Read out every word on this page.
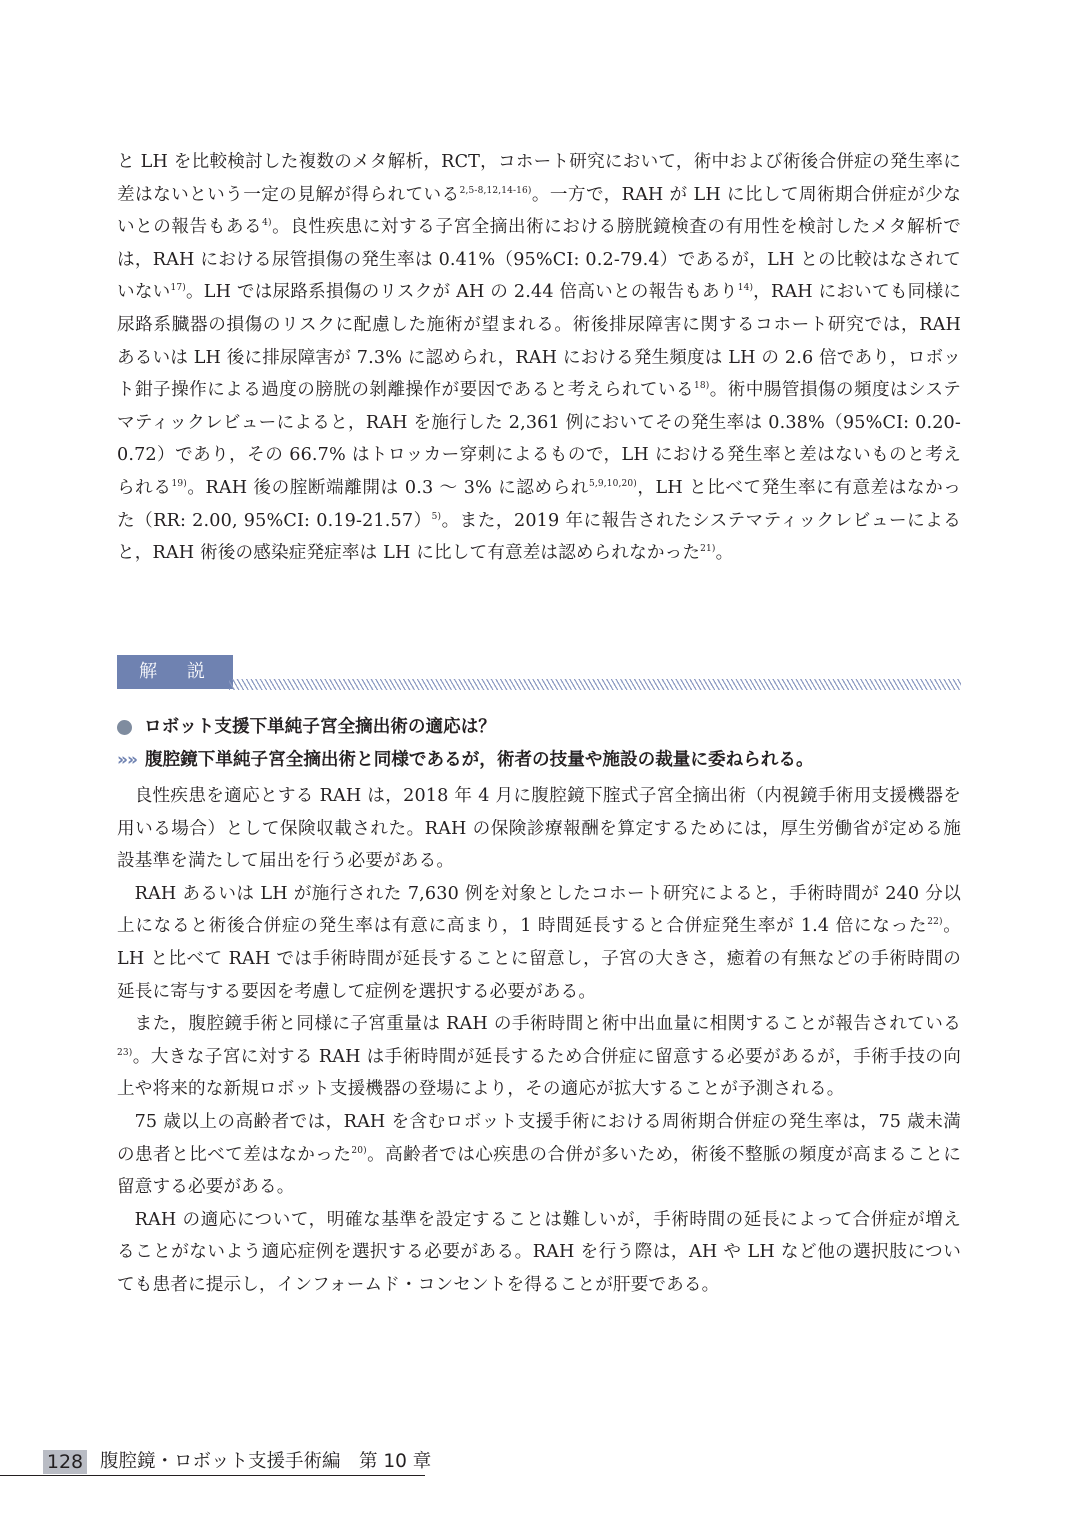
と LH を比較検討した複数のメタ解析，RCT，コホート研究において，術中および術後合併症の発生率に差はないという一定の見解が得られている$^{2,5-8,12,14-16)}$。一方で，RAH が LH に比して周術期合併症が少ないとの報告もある$^{4)}$。良性疾患に対する子宮全摘出術における膀胱鏡検査の有用性を検討したメタ解析では，RAH における尿管損傷の発生率は 0.41%（95%CI: 0.2-79.4）であるが，LH との比較はなされていない$^{17)}$。LH では尿路系損傷のリスクが AH の 2.44 倍高いとの報告もあり$^{14)}$，RAH においても同様に尿路系臓器の損傷のリスクに配慮した施術が望まれる。術後排尿障害に関するコホート研究では，RAH あるいは LH 後に排尿障害が 7.3% に認められ，RAH における発生頻度は LH の 2.6 倍であり，ロボット鉗子操作による過度の膀胱の剝離操作が要因であると考えられている$^{18)}$。術中腸管損傷の頻度はシステマティックレビューによると，RAH を施行した 2,361 例においてその発生率は 0.38%（95%CI: 0.20-0.72）であり，その 66.7% はトロッカー穿刺によるもので，LH における発生率と差はないものと考えられる$^{19)}$。RAH 後の腟断端離開は 0.3 ～ 3% に認められ$^{5,9,10,20)}$，LH と比べて発生率に有意差はなかった（RR: 2.00, 95%CI: 0.19-21.57）$^{5)}$。また，2019 年に報告されたシステマティックレビューによると，RAH 術後の感染症発症率は LH に比して有意差は認められなかった$^{21)}$。

解 説
ロボット支援下単純子宮全摘出術の適応は？
»» 腹腔鏡下単純子宮全摘出術と同様であるが，術者の技量や施設の裁量に委ねられる。

良性疾患を適応とする RAH は，2018 年 4 月に腹腔鏡下腟式子宮全摘出術（内視鏡手術用支援機器を用いる場合）として保険収載された。RAH の保険診療報酬を算定するためには，厚生労働省が定める施設基準を満たして届出を行う必要がある。

RAH あるいは LH が施行された 7,630 例を対象としたコホート研究によると，手術時間が 240 分以上になると術後合併症の発生率は有意に高まり，1 時間延長すると合併症発生率が 1.4 倍になった$^{22)}$。LH と比べて RAH では手術時間が延長することに留意し，子宮の大きさ，癒着の有無などの手術時間の延長に寄与する要因を考慮して症例を選択する必要がある。

また，腹腔鏡手術と同様に子宮重量は RAH の手術時間と術中出血量に相関することが報告されている$^{23)}$。大きな子宮に対する RAH は手術時間が延長するため合併症に留意する必要があるが，手術手技の向上や将来的な新規ロボット支援機器の登場により，その適応が拡大することが予測される。

75 歳以上の高齢者では，RAH を含むロボット支援手術における周術期合併症の発生率は，75 歳未満の患者と比べて差はなかった$^{20)}$。高齢者では心疾患の合併が多いため，術後不整脈の頻度が高まることに留意する必要がある。

RAH の適応について，明確な基準を設定することは難しいが，手術時間の延長によって合併症が増えることがないよう適応症例を選択する必要がある。RAH を行う際は，AH や LH など他の選択肢についても患者に提示し，インフォームド・コンセントを得ることが肝要である。

128 腹腔鏡・ロボット支援手術編　第 10 章
